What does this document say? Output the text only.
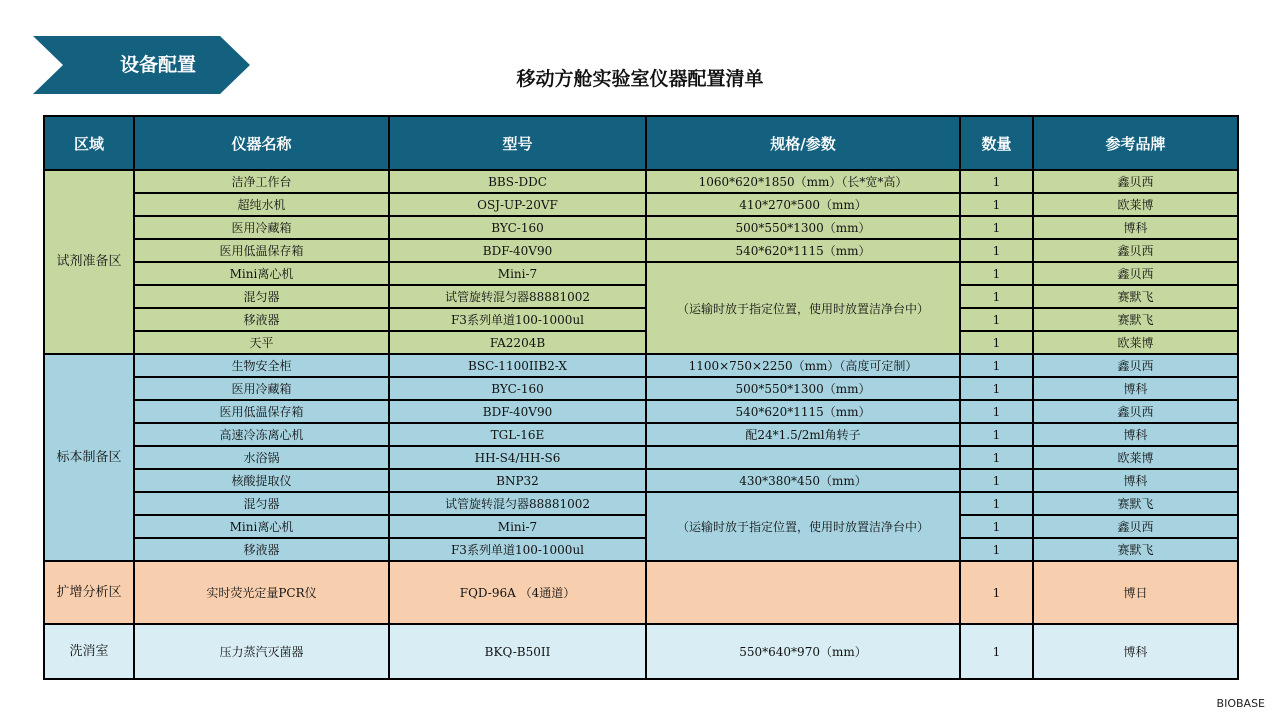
设备配置
移动方舱实验室仪器配置清单
区域	仪器名称	型号	规格/参数	数量	参考品牌
试剂准备区	洁净工作台	BBS-DDC	1060*620*1850（mm）（长*宽*高）	1	鑫贝西
	超纯水机	OSJ-UP-20VF	410*270*500（mm）	1	欧莱博
	医用冷藏箱	BYC-160	500*550*1300（mm）	1	博科
	医用低温保存箱	BDF-40V90	540*620*1115（mm）	1	鑫贝西
	Mini离心机	Mini-7	（运输时放于指定位置，使用时放置洁净台中）	1	鑫贝西
	混匀器	试管旋转混匀器88881002		1	赛默飞
	移液器	F3系列单道100-1000ul		1	赛默飞
	天平	FA2204B		1	欧莱博
标本制备区	生物安全柜	BSC-1100IIB2-X	1100×750×2250（mm）（高度可定制）	1	鑫贝西
	医用冷藏箱	BYC-160	500*550*1300（mm）	1	博科
	医用低温保存箱	BDF-40V90	540*620*1115（mm）	1	鑫贝西
	高速冷冻离心机	TGL-16E	配24*1.5/2ml角转子	1	博科
	水浴锅	HH-S4/HH-S6		1	欧莱博
	核酸提取仪	BNP32	430*380*450（mm）	1	博科
	混匀器	试管旋转混匀器88881002	（运输时放于指定位置，使用时放置洁净台中）	1	赛默飞
	Mini离心机	Mini-7		1	鑫贝西
	移液器	F3系列单道100-1000ul		1	赛默飞
扩增分析区	实时荧光定量PCR仪	FQD-96A （4通道）		1	博日
洗消室	压力蒸汽灭菌器	BKQ-B50II	550*640*970（mm）	1	博科
BIOBASE
